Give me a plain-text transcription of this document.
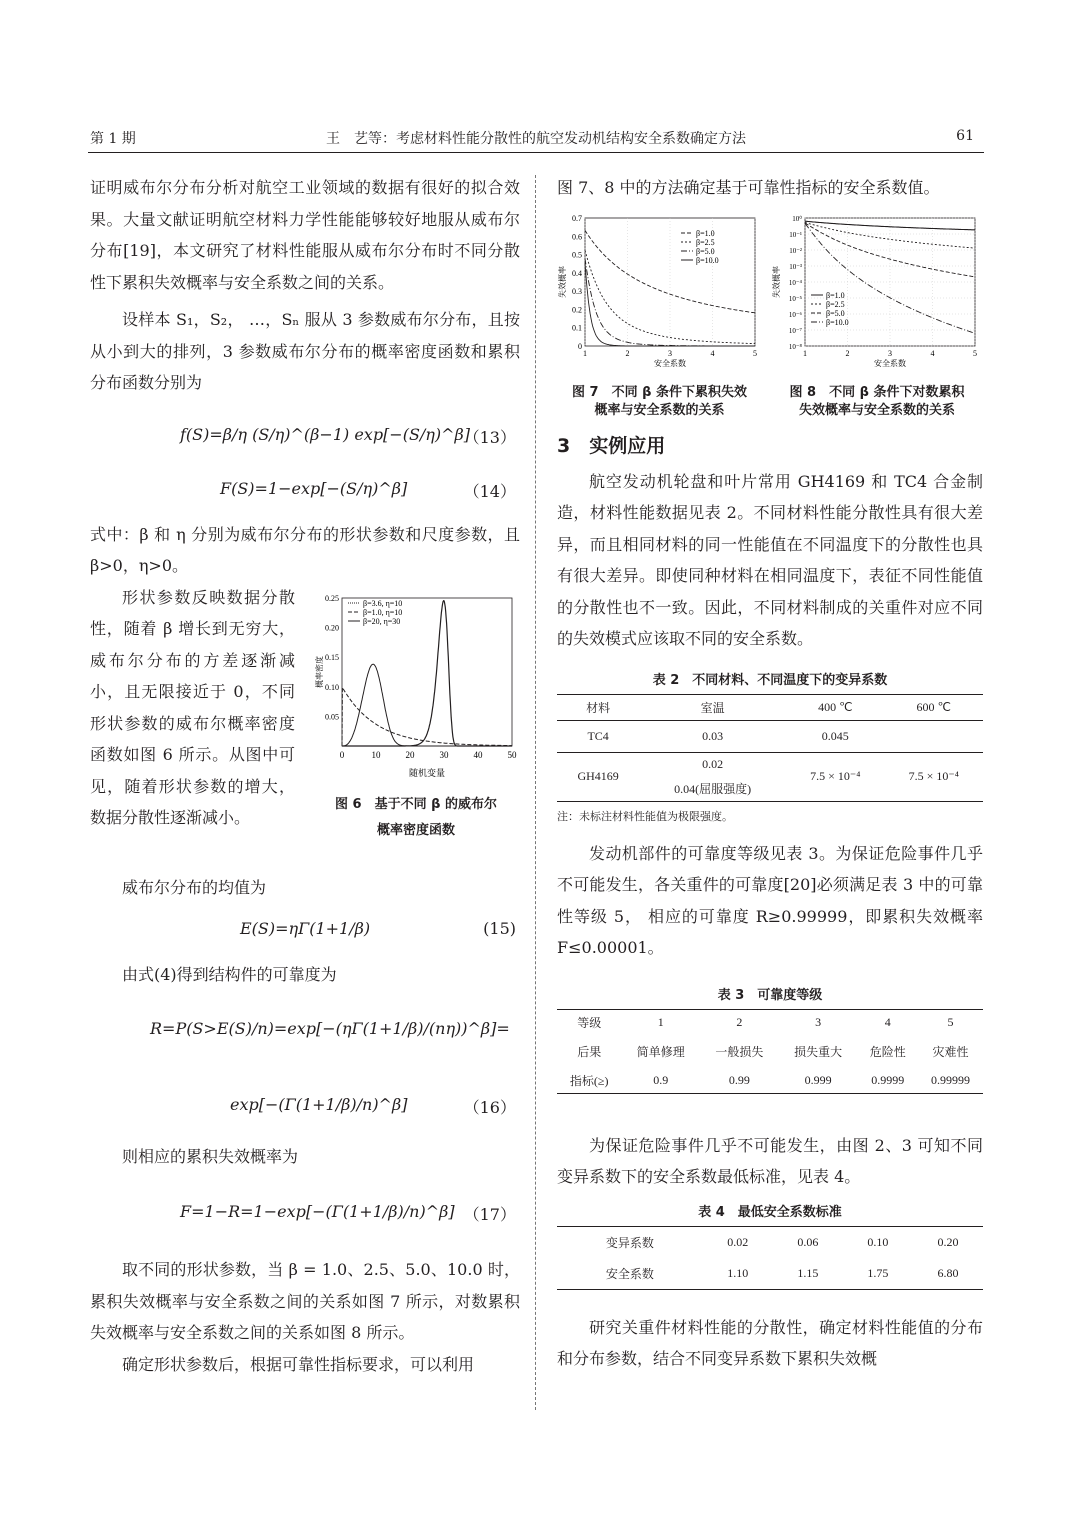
第 1 期	王　艺等：考虑材料性能分散性的航空发动机结构安全系数确定方法	61

证明威布尔分布分析对航空工业领域的数据有很好的拟合效果。大量文献证明航空材料力学性能能够较好地服从威布尔分布[19]，本文研究了材料性能服从威布尔分布时不同分散性下累积失效概率与安全系数之间的关系。

设样本 S₁，S₂， …，Sₙ 服从 3 参数威布尔分布，且按从小到大的排列，3 参数威布尔分布的概率密度函数和累积分布函数分别为

f(S)=β/η (S/η)^(β−1) exp[−(S/η)^β]
（13）
F(S)=1−exp[−(S/η)^β]	（14）

式中：β 和 η 分别为威布尔分布的形状参数和尺度参数，且 β>0，η>0。

形状参数反映数据分散性，随着 β 增长到无穷大，威布尔分布的方差逐渐减小，且无限接近于 0，不同形状参数的威布尔概率密度函数如图 6 所示。从图中可见，随着形状参数的增大，数据分散性逐渐减小。

0	10	20	30	40	50
0.05
0.10
0.15
0.20
0.25
随机变量
概率密度
β=3.6, η=10
β=1.0, η=10
β=20, η=30
图 6　基于不同 β 的威布尔
概率密度函数

威布尔分布的均值为

E(S)=ηΓ(1+1/β)	(15)

由式(4)得到结构件的可靠度为

R=P(S>E(S)/n)=exp[−(ηΓ(1+1/β)/(nη))^β]=
exp[−(Γ(1+1/β)/n)^β]	（16）

则相应的累积失效概率为

F=1−R=1−exp[−(Γ(1+1/β)/n)^β] （17）

取不同的形状参数，当 β = 1.0、2.5、5.0、10.0 时，累积失效概率与安全系数之间的关系如图 7 所示，对数累积失效概率与安全系数之间的关系如图 8 所示。

确定形状参数后，根据可靠性指标要求，可以利用

图 7、8 中的方法确定基于可靠性指标的安全系数值。

1	2	3	4	5
0
0.1
0.2
0.3
0.4
0.5
0.6
0.7
安全系数
失效概率
β=1.0
β=2.5
β=5.0
β=10.0
图 7　不同 β 条件下累积失效
概率与安全系数的关系
1	2	3	4	5
10⁰
10⁻¹
10⁻²
10⁻³
10⁻⁴
10⁻⁵
10⁻⁶
10⁻⁷
10⁻⁸
安全系数
失效概率	β=1.0
β=2.5
β=5.0
β=10.0
图 8　不同 β 条件下对数累积
失效概率与安全系数的关系
3　实例应用

航空发动机轮盘和叶片常用 GH4169 和 TC4 合金制造，材料性能数据见表 2。不同材料性能分散性具有很大差异，而且相同材料的同一性能值在不同温度下的分散性也具有很大差异。即使同种材料在相同温度下，表征不同性能值的分散性也不一致。因此，不同材料制成的关重件对应不同的失效模式应该取不同的安全系数。

表 2　不同材料、不同温度下的变异系数
材料	室温	400 ℃	600 ℃
TC4	0.03	0.045	
GH4169	0.02
0.04(屈服强度)	7.5 × 10⁻⁴	7.5 × 10⁻⁴
注：未标注材料性能值为极限强度。

发动机部件的可靠度等级见表 3。为保证危险事件几乎不可能发生，各关重件的可靠度[20]必须满足表 3 中的可靠性等级 5， 相应的可靠度 R≥0.99999，即累积失效概率 F≤0.00001。

表 3　可靠度等级
等级	1	2	3	4	5
后果	简单修理	一般损失	损失重大	危险性	灾难性
指标(≥)	0.9	0.99	0.999	0.9999	0.99999

为保证危险事件几乎不可能发生，由图 2、3 可知不同变异系数下的安全系数最低标准，见表 4。

表 4　最低安全系数标准
变异系数	0.02	0.06	0.10	0.20
安全系数	1.10	1.15	1.75	6.80

研究关重件材料性能的分散性，确定材料性能值的分布和分布参数，结合不同变异系数下累积失效概
